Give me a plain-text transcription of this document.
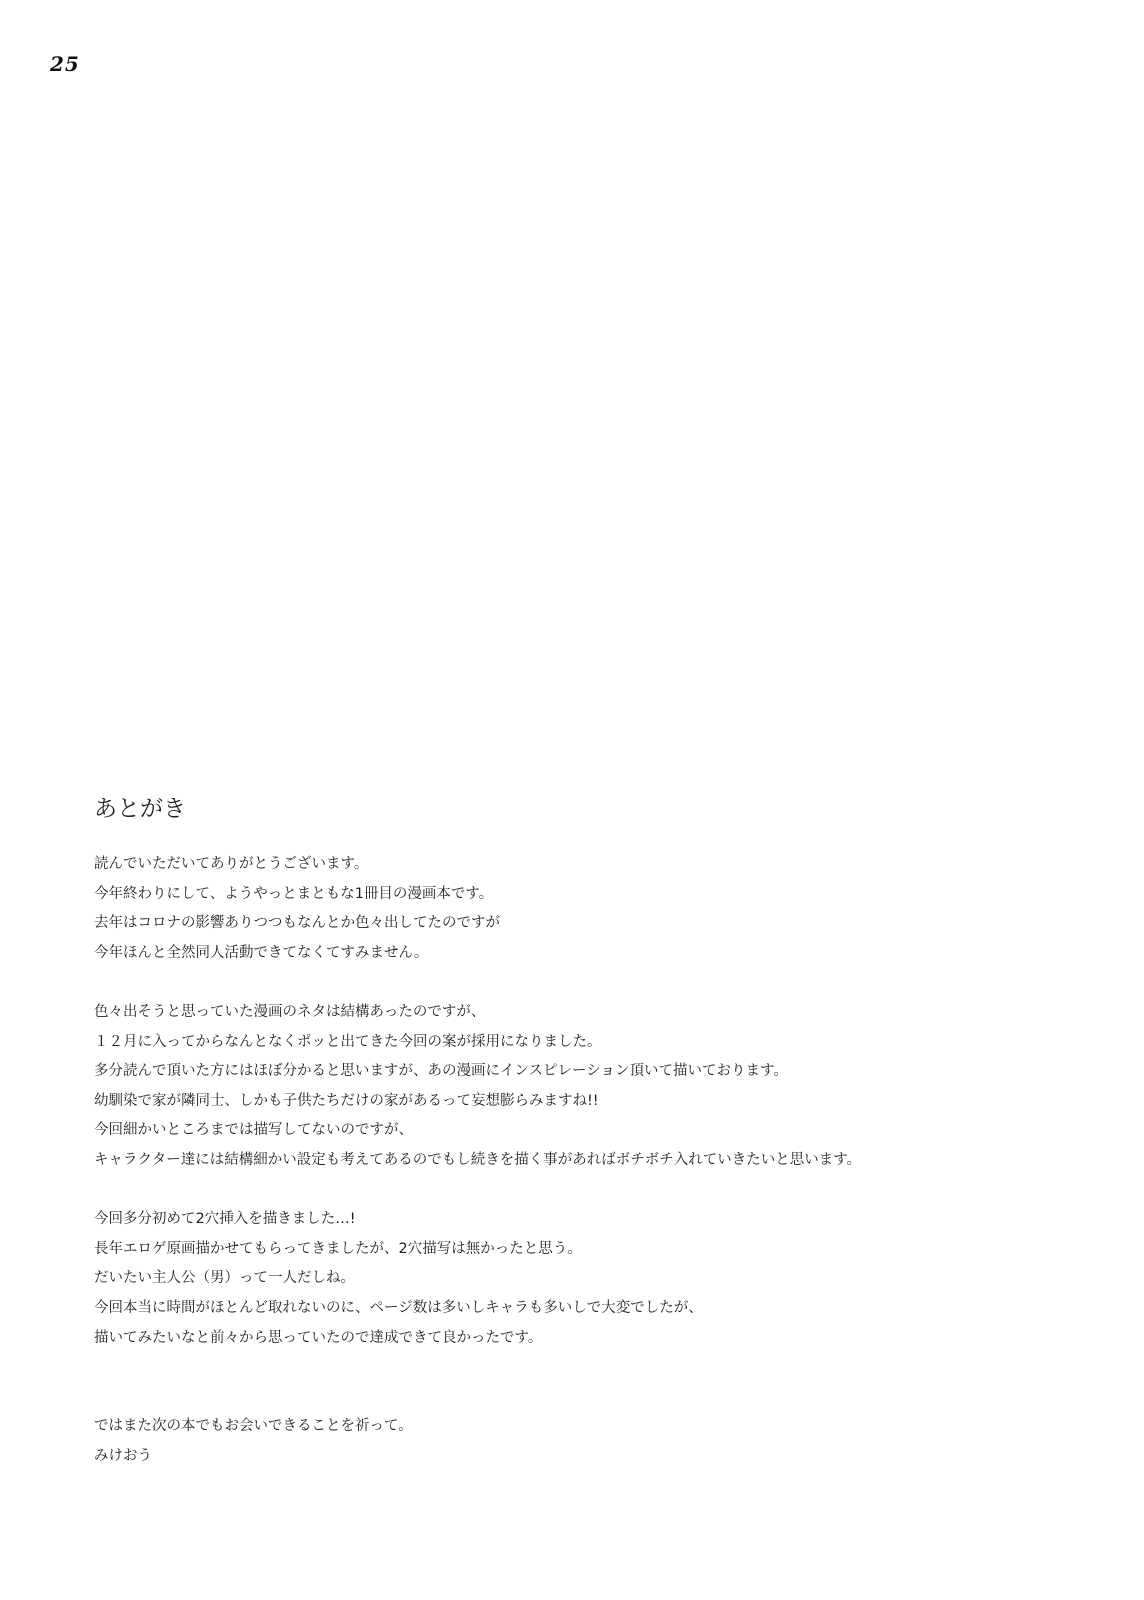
25
あとがき
読んでいただいてありがとうございます。
今年終わりにして、ようやっとまともな1冊目の漫画本です。
去年はコロナの影響ありつつもなんとか色々出してたのですが
今年ほんと全然同人活動できてなくてすみません。
色々出そうと思っていた漫画のネタは結構あったのですが、
１２月に入ってからなんとなくポッと出てきた今回の案が採用になりました。
多分読んで頂いた方にはほぼ分かると思いますが、あの漫画にインスピレーション頂いて描いております。
幼馴染で家が隣同士、しかも子供たちだけの家があるって妄想膨らみますね!!
今回細かいところまでは描写してないのですが、
キャラクター達には結構細かい設定も考えてあるのでもし続きを描く事があればボチボチ入れていきたいと思います。
今回多分初めて2穴挿入を描きました…!
長年エロゲ原画描かせてもらってきましたが、2穴描写は無かったと思う。
だいたい主人公（男）って一人だしね。
今回本当に時間がほとんど取れないのに、ページ数は多いしキャラも多いしで大変でしたが、
描いてみたいなと前々から思っていたので達成できて良かったです。
ではまた次の本でもお会いできることを祈って。
みけおう
